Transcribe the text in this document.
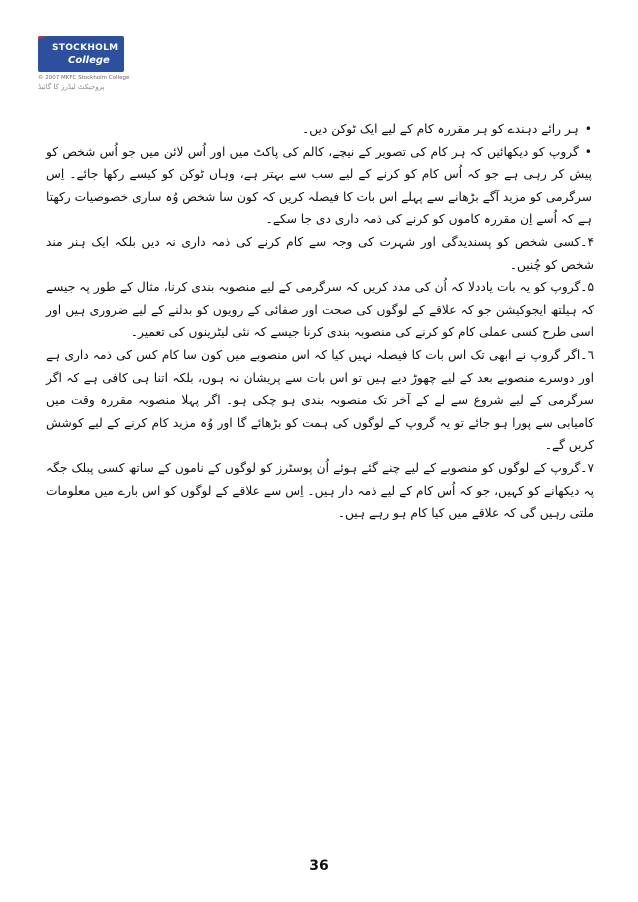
STOCKHOLM
College
© 2007 MKFC Stockholm College
پروجیکٹ لیڈرز کا گائیڈ

•ہر رائے دہندے کو ہر مقررہ کام کے لیے ایک ٹوکن دیں۔

•گروپ کو دیکھائیں کہ ہر کام کی تصویر کے نیچے، کالم کی پاکٹ میں اور اُس لائن میں جو اُس شخص کو پیش کر رہی ہے جو کہ اُس کام کو کرنے کے لیے سب سے بہتر ہے، وہاں ٹوکن کو کیسے رکھا جائے۔ اِس سرگرمی کو مزید آگے بڑھانے سے پہلے اس بات کا فیصلہ کریں کہ کون سا شخص وُہ ساری خصوصیات رکھتا ہے کہ اُسے اِن مقررہ کاموں کو کرنے کی ذمہ داری دی جا سکے۔

۴۔کسی شخص کو پسندیدگی اور شہرت کی وجہ سے کام کرنے کی ذمہ داری نہ دیں بلکہ ایک ہنر مند شخص کو چُنیں۔

۵۔گروپ کو یہ بات یاددلا کہ اُن کی مدد کریں کہ سرگرمی کے لیے منصوبہ بندی کرنا، مثال کے طور پہ جیسے کہ ہیلتھ ایجوکیشن جو کہ علاقے کے لوگوں کی صحت اور صفائی کے رویوں کو بدلنے کے لیے ضروری ہیں اور اسی طرح کسی عملی کام کو کرنے کی منصوبہ بندی کرنا جیسے کہ نئی لیٹرینوں کی تعمیر۔

٦۔اگر گروپ نے ابھی تک اس بات کا فیصلہ نہیں کیا کہ اس منصوبے میں کون سا کام کس کی ذمہ داری ہے اور دوسرے منصوبے بعد کے لیے چھوڑ دیے ہیں تو اس بات سے پریشان نہ ہوں، بلکہ اتنا ہی کافی ہے کہ اگر سرگرمی کے لیے شروع سے لے کے آخر تک منصوبہ بندی ہو چکی ہو۔ اگر پہلا منصوبہ مقررہ وقت میں کامیابی سے پورا ہو جائے تو یہ گروپ کے لوگوں کی ہمت کو بڑھائے گا اور وُہ مزید کام کرنے کے لیے کوشش کریں گے۔

۷۔گروپ کے لوگوں کو منصوبے کے لیے چنے گئے ہوئے اُن پوسٹرز کو لوگوں کے ناموں کے ساتھ کسی پبلک جگہ پہ دیکھانے کو کہیں، جو کہ اُس کام کے لیے ذمہ دار ہیں۔ اِس سے علاقے کے لوگوں کو اس بارے میں معلومات ملتی رہیں گی کہ علاقے میں کیا کام ہو رہے ہیں۔

36
